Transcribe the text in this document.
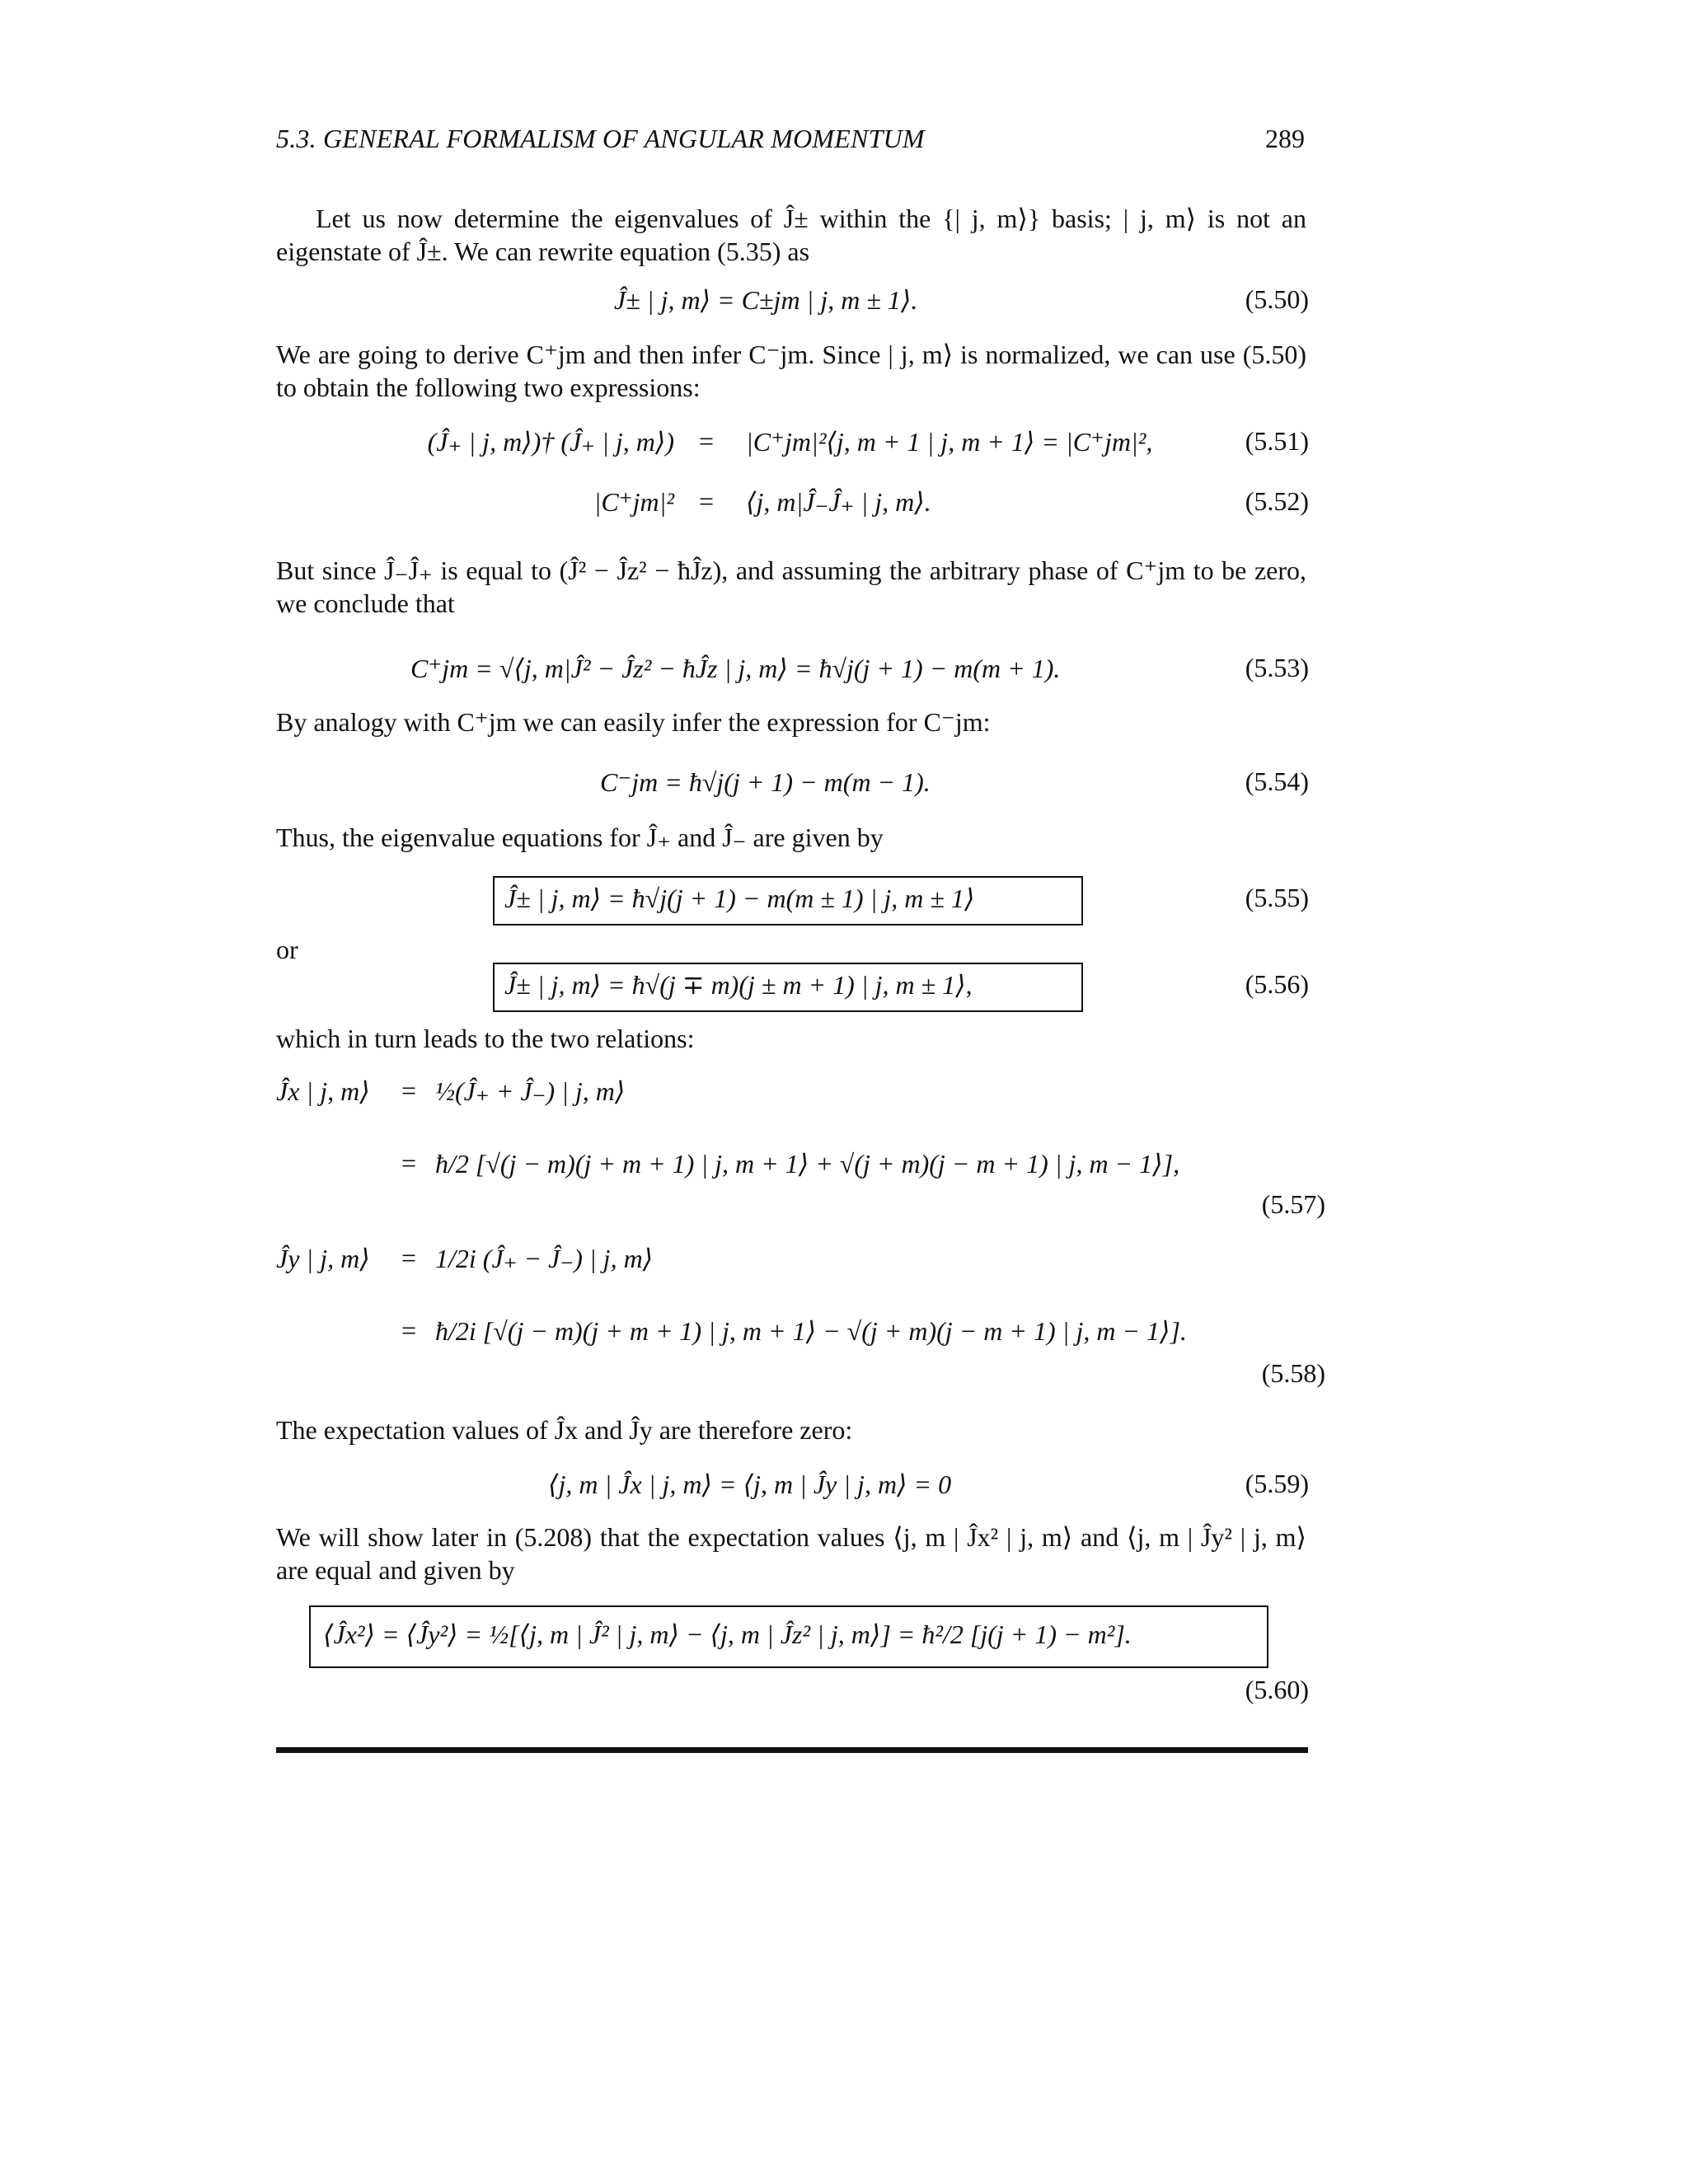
5.3. GENERAL FORMALISM OF ANGULAR MOMENTUM	289

Let us now determine the eigenvalues of Ĵ± within the {| j, m⟩} basis; | j, m⟩ is not an eigenstate of Ĵ±. We can rewrite equation (5.35) as

Ĵ± | j, m⟩ = C±jm | j, m ± 1⟩.	(5.50)

We are going to derive C⁺jm and then infer C⁻jm. Since | j, m⟩ is normalized, we can use (5.50) to obtain the following two expressions:

(Ĵ₊ | j, m⟩)† (Ĵ₊ | j, m⟩) = |C⁺jm|²⟨j, m + 1 | j, m + 1⟩ = |C⁺jm|²,	(5.51)
|C⁺jm|² = ⟨j, m|Ĵ₋Ĵ₊ | j, m⟩.	(5.52)

But since Ĵ₋Ĵ₊ is equal to (Ĵ² − Ĵz² − ħĴz), and assuming the arbitrary phase of C⁺jm to be zero, we conclude that

C⁺jm = √⟨j, m|Ĵ² − Ĵz² − ħĴz | j, m⟩ = ħ√j(j + 1) − m(m + 1).	(5.53)

By analogy with C⁺jm we can easily infer the expression for C⁻jm:

C⁻jm = ħ√j(j + 1) − m(m − 1).	(5.54)

Thus, the eigenvalue equations for Ĵ₊ and Ĵ₋ are given by

Ĵ± | j, m⟩ = ħ√j(j + 1) − m(m ± 1) | j, m ± 1⟩	(5.55)

or

Ĵ± | j, m⟩ = ħ√(j ∓ m)(j ± m + 1) | j, m ± 1⟩,	(5.56)

which in turn leads to the two relations:

Ĵx | j, m⟩ = ½(Ĵ₊ + Ĵ₋) | j, m⟩
= ħ/2 [√(j − m)(j + m + 1) | j, m + 1⟩ + √(j + m)(j − m + 1) | j, m − 1⟩],
(5.57)
Ĵy | j, m⟩ = 1/2i (Ĵ₊ − Ĵ₋) | j, m⟩
= ħ/2i [√(j − m)(j + m + 1) | j, m + 1⟩ − √(j + m)(j − m + 1) | j, m − 1⟩].
(5.58)

The expectation values of Ĵx and Ĵy are therefore zero:

⟨j, m | Ĵx | j, m⟩ = ⟨j, m | Ĵy | j, m⟩ = 0	(5.59)

We will show later in (5.208) that the expectation values ⟨j, m | Ĵx² | j, m⟩ and ⟨j, m | Ĵy² | j, m⟩ are equal and given by

⟨Ĵx²⟩ = ⟨Ĵy²⟩ = ½[⟨j, m | Ĵ² | j, m⟩ − ⟨j, m | Ĵz² | j, m⟩] = ħ²/2 [j(j + 1) − m²].
(5.60)
